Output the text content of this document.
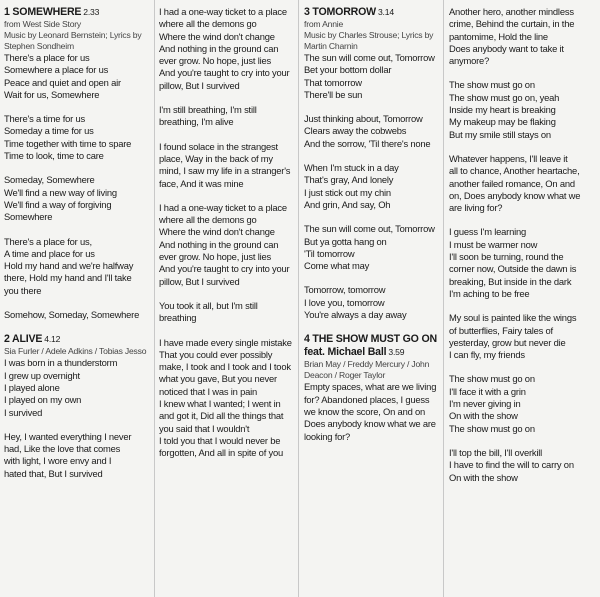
1 SOMEWHERE 2.33
from West Side Story
Music by Leonard Bernstein; Lyrics by
Stephen Sondheim
There's a place for us
Somewhere a place for us
Peace and quiet and open air
Wait for us, Somewhere
There's a time for us
Someday a time for us
Time together with time to spare
Time to look, time to care
Someday, Somewhere
We'll find a new way of living
We'll find a way of forgiving
Somewhere
There's a place for us,
A time and place for us
Hold my hand and we're halfway
there, Hold my hand and I'll take
you there
Somehow, Someday, Somewhere
2 ALIVE 4.12
Sia Furler / Adele Adkins / Tobias Jesso
I was born in a thunderstorm
I grew up overnight
I played alone
I played on my own
I survived
Hey, I wanted everything I never
had, Like the love that comes
with light, I wore envy and I
hated that, But I survived
I had a one-way ticket to a place
where all the demons go
Where the wind don't change
And nothing in the ground can
ever grow. No hope, just lies
And you're taught to cry into your
pillow, But I survived
I'm still breathing, I'm still
breathing, I'm alive
I found solace in the strangest
place, Way in the back of my
mind, I saw my life in a stranger's
face, And it was mine
I had a one-way ticket to a place
where all the demons go
Where the wind don't change
And nothing in the ground can
ever grow. No hope, just lies
And you're taught to cry into your
pillow, But I survived
You took it all, but I'm still
breathing
I have made every single mistake
That you could ever possibly
make, I took and I took and I took
what you gave, But you never
noticed that I was in pain
I knew what I wanted; I went in
and got it, Did all the things that
you said that I wouldn't
I told you that I would never be
forgotten, And all in spite of you
3 TOMORROW 3.14
from Annie
Music by Charles Strouse; Lyrics by
Martin Charnin
The sun will come out, Tomorrow
Bet your bottom dollar
That tomorrow
There'll be sun
Just thinking about, Tomorrow
Clears away the cobwebs
And the sorrow, 'Til there's none
When I'm stuck in a day
That's gray, And lonely
I just stick out my chin
And grin, And say, Oh
The sun will come out, Tomorrow
But ya gotta hang on
'Til tomorrow
Come what may
Tomorrow, tomorrow
I love you, tomorrow
You're always a day away
4 THE SHOW MUST GO ON feat. Michael Ball 3.59
Brian May / Freddy Mercury / John
Deacon / Roger Taylor
Empty spaces, what are we living
for? Abandoned places, I guess
we know the score, On and on
Does anybody know what we are
looking for?
Another hero, another mindless
crime, Behind the curtain, in the
pantomime, Hold the line
Does anybody want to take it
anymore?
The show must go on
The show must go on, yeah
Inside my heart is breaking
My makeup may be flaking
But my smile still stays on
Whatever happens, I'll leave it
all to chance, Another heartache,
another failed romance, On and
on, Does anybody know what we
are living for?
I guess I'm learning
I must be warmer now
I'll soon be turning, round the
corner now, Outside the dawn is
breaking, But inside in the dark
I'm aching to be free
My soul is painted like the wings
of butterflies, Fairy tales of
yesterday, grow but never die
I can fly, my friends
The show must go on
I'll face it with a grin
I'm never giving in
On with the show
The show must go on
I'll top the bill, I'll overkill
I have to find the will to carry on
On with the show
